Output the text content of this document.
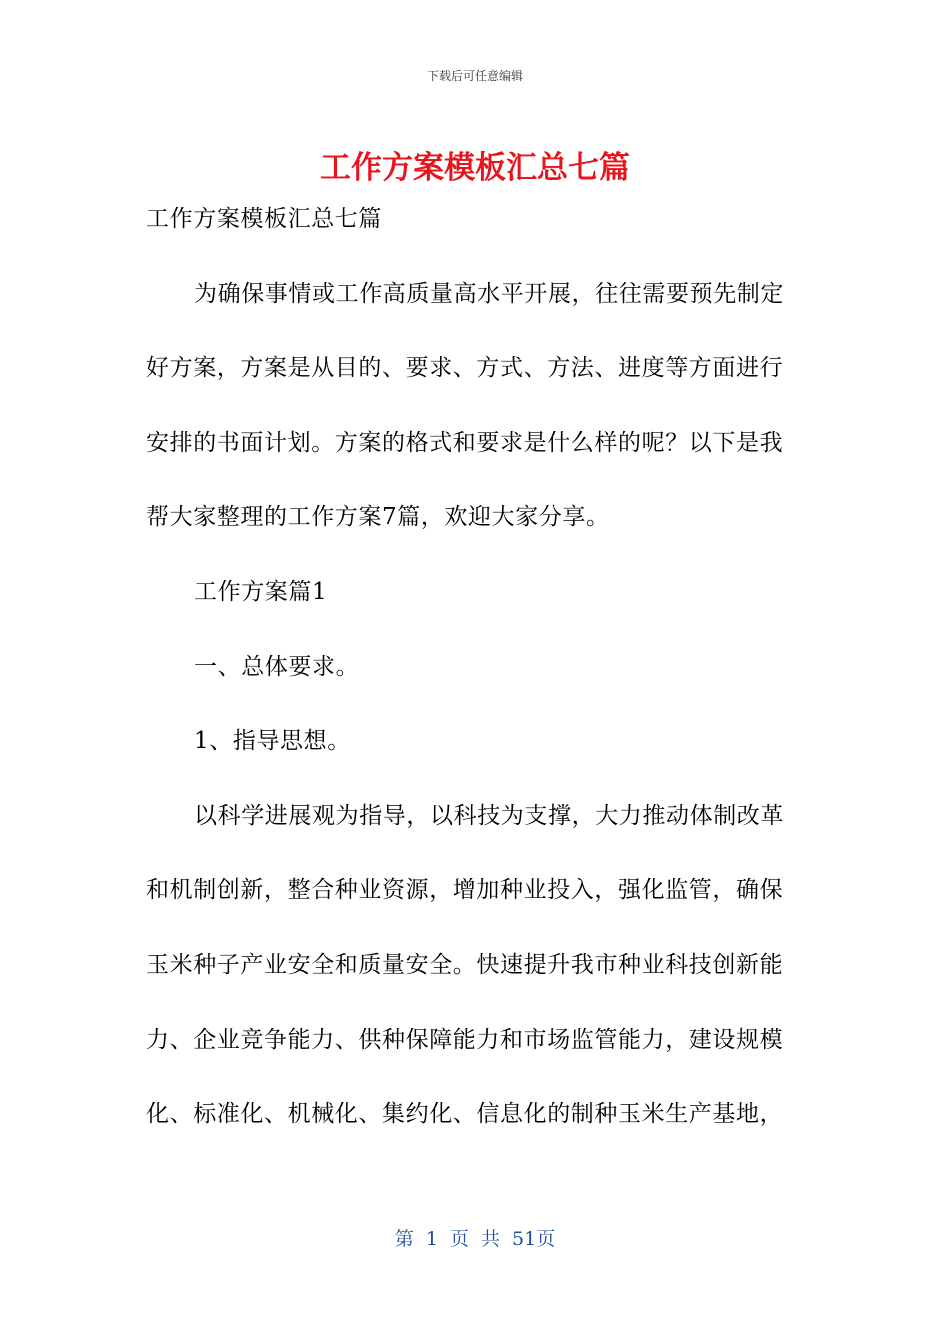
下载后可任意编辑
工作方案模板汇总七篇
工作方案模板汇总七篇
为确保事情或工作高质量高水平开展，往往需要预先制定
好方案，方案是从目的、要求、方式、方法、进度等方面进行
安排的书面计划。方案的格式和要求是什么样的呢？以下是我
帮大家整理的工作方案7篇，欢迎大家分享。
工作方案篇1
一、总体要求。
1、指导思想。
以科学进展观为指导，以科技为支撑，大力推动体制改革
和机制创新，整合种业资源，增加种业投入，强化监管，确保
玉米种子产业安全和质量安全。快速提升我市种业科技创新能
力、企业竞争能力、供种保障能力和市场监管能力，建设规模
化、标准化、机械化、集约化、信息化的制种玉米生产基地，
第 1 页 共 51页
